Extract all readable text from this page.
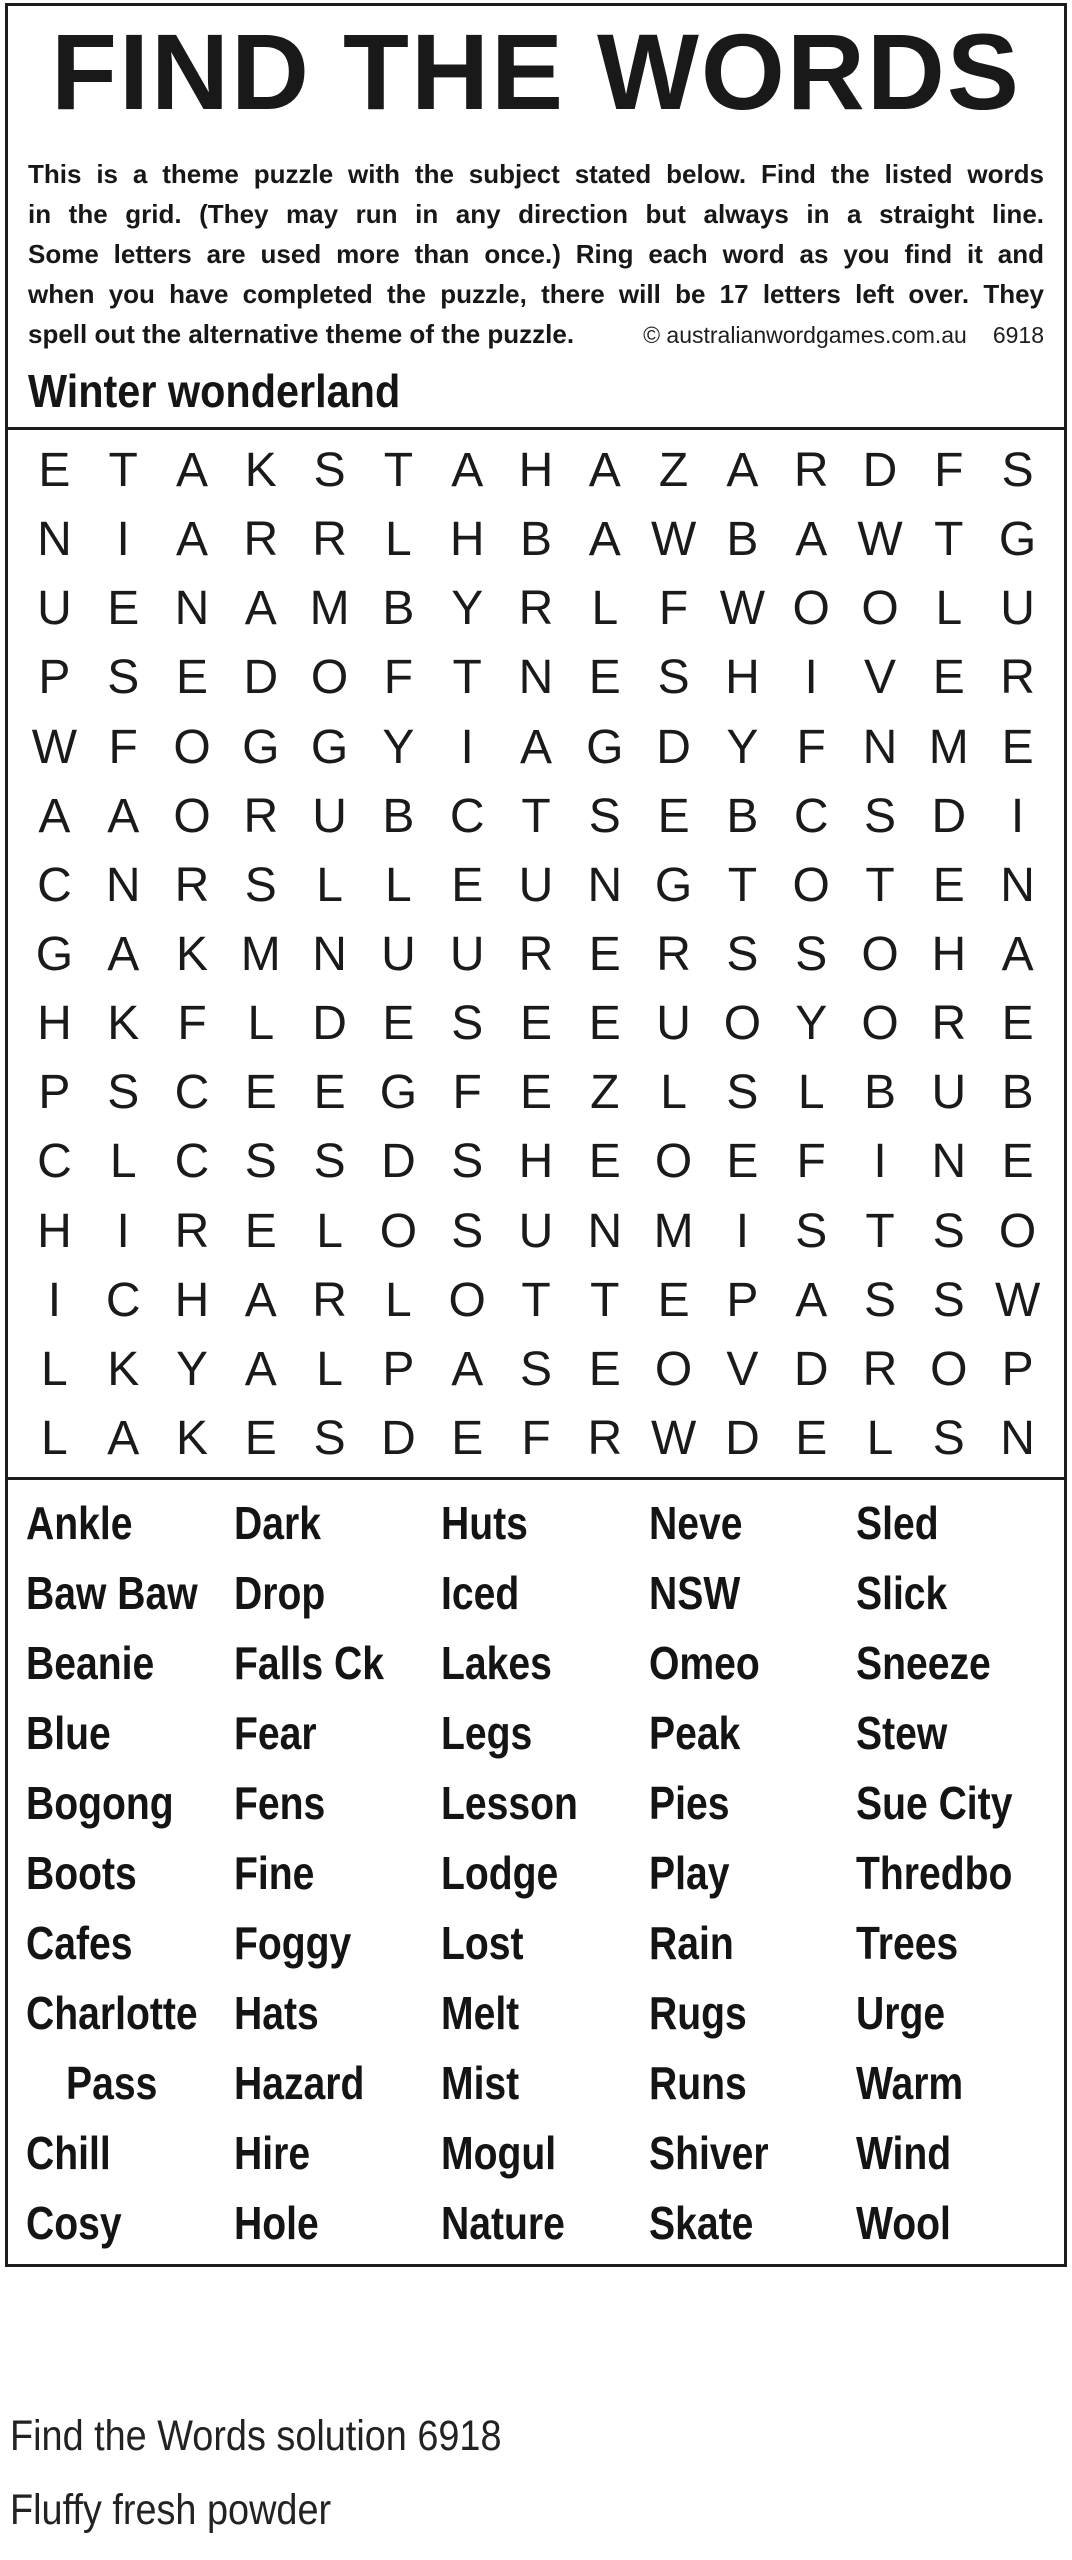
FIND THE WORDS
This is a theme puzzle with the subject stated below. Find the listed words
in the grid. (They may run in any direction but always in a straight line.
Some letters are used more than once.) Ring each word as you find it and
when you have completed the puzzle, there will be 17 letters left over. They
spell out the alternative theme of the puzzle.	© australianwordgames.com.au 6918
Winter wonderland
E T A K S T A H A Z A R D F S
N I A R R L H B A W B A W T G
U E N A M B Y R L F W O O L U
P S E D O F T N E S H I V E R
W F O G G Y I A G D Y F N M E
A A O R U B C T S E B C S D I
C N R S L L E U N G T O T E N
G A K M N U U R E R S S O H A
H K F L D E S E E U O Y O R E
P S C E E G F E Z L S L B U B
C L C S S D S H E O E F I N E
H I R E L O S U N M I S T S O
I C H A R L O T T E P A S S W
L K Y A L P A S E O V D R O P
L A K E S D E F R W D E L S N
Ankle
Baw Baw
Beanie
Blue
Bogong
Boots
Cafes
Charlotte
Pass
Chill
Cosy
Dark
Drop
Falls Ck
Fear
Fens
Fine
Foggy
Hats
Hazard
Hire
Hole
Huts
Iced
Lakes
Legs
Lesson
Lodge
Lost
Melt
Mist
Mogul
Nature
Neve
NSW
Omeo
Peak
Pies
Play
Rain
Rugs
Runs
Shiver
Skate
Sled
Slick
Sneeze
Stew
Sue City
Thredbo
Trees
Urge
Warm
Wind
Wool
Find the Words solution 6918
Fluffy fresh powder
